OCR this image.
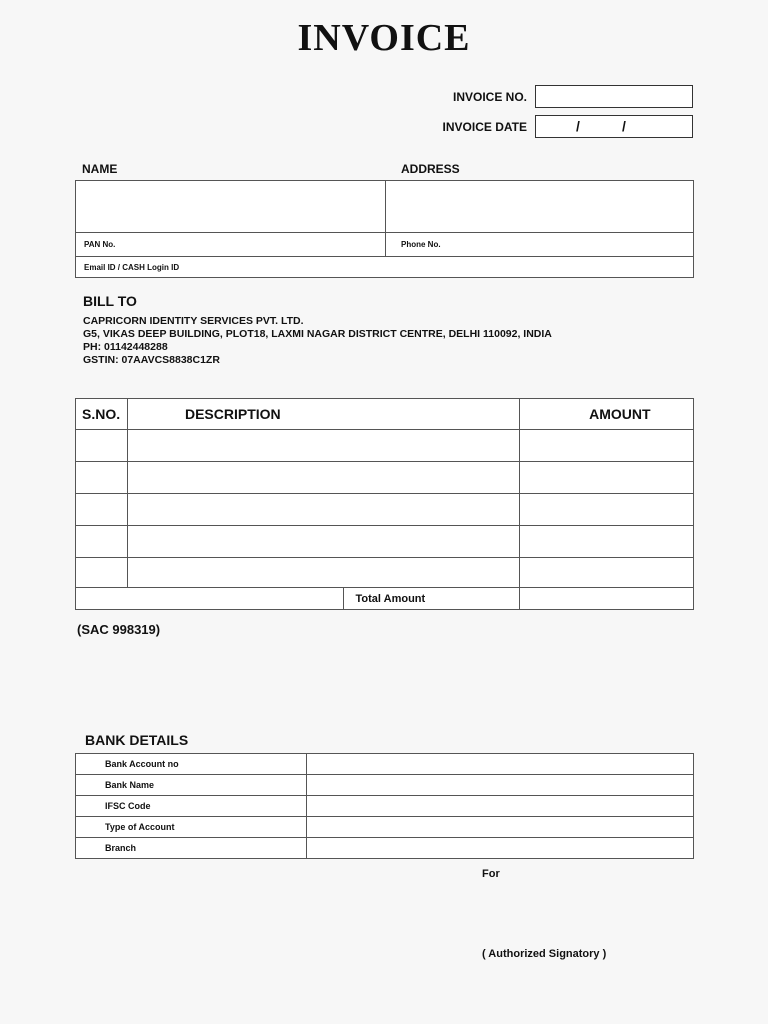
INVOICE
INVOICE NO.
INVOICE DATE	/	/
NAME	ADDRESS
PAN No.	Phone No.
Email ID / CASH Login ID
BILL TO
CAPRICORN IDENTITY SERVICES PVT. LTD.
G5, VIKAS DEEP BUILDING, PLOT18, LAXMI NAGAR DISTRICT CENTRE, DELHI 110092, INDIA
PH: 01142448288
GSTIN: 07AAVCS8838C1ZR
S.NO.	DESCRIPTION	AMOUNT

	Total Amount	
(SAC 998319)
BANK DETAILS
Bank Account no	
Bank Name	
IFSC Code	
Type of Account	
Branch	
For
( Authorized Signatory )
